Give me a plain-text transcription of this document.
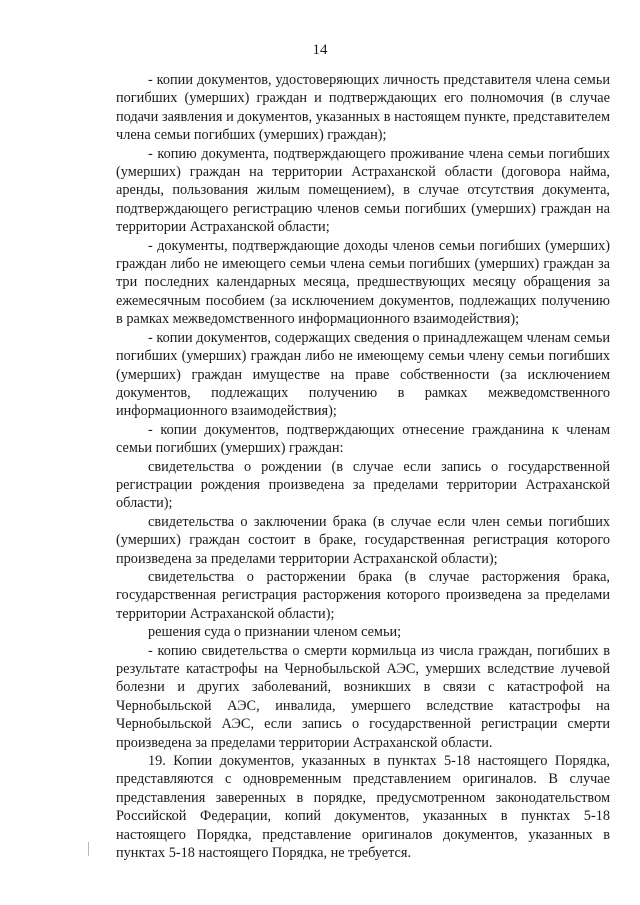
14

- копии документов, удостоверяющих личность представителя члена семьи погибших (умерших) граждан и подтверждающих его полномочия (в случае подачи заявления и документов, указанных в настоящем пункте, представителем члена семьи погибших (умерших) граждан);

- копию документа, подтверждающего проживание члена семьи погибших (умерших) граждан на территории Астраханской области (договора найма, аренды, пользования жилым помещением), в случае отсутствия документа, подтверждающего регистрацию членов семьи погибших (умерших) граждан на территории Астраханской области;

- документы, подтверждающие доходы членов семьи погибших (умерших) граждан либо не имеющего семьи члена семьи погибших (умерших) граждан за три последних календарных месяца, предшествующих месяцу обращения за ежемесячным пособием (за исключением документов, подлежащих получению в рамках межведомственного информационного взаимодействия);

- копии документов, содержащих сведения о принадлежащем членам семьи погибших (умерших) граждан либо не имеющему семьи члену семьи погибших (умерших) граждан имуществе на праве собственности (за исключением документов, подлежащих получению в рамках межведомственного информационного взаимодействия);

- копии документов, подтверждающих отнесение гражданина к членам семьи погибших (умерших) граждан:

свидетельства о рождении (в случае если запись о государственной регистрации рождения произведена за пределами территории Астраханской области);

свидетельства о заключении брака (в случае если член семьи погибших (умерших) граждан состоит в браке, государственная регистрация которого произведена за пределами территории Астраханской области);

свидетельства о расторжении брака (в случае расторжения брака, государственная регистрация расторжения которого произведена за пределами территории Астраханской области);

решения суда о признании членом семьи;

- копию свидетельства о смерти кормильца из числа граждан, погибших в результате катастрофы на Чернобыльской АЭС, умерших вследствие лучевой болезни и других заболеваний, возникших в связи с катастрофой на Чернобыльской АЭС, инвалида, умершего вследствие катастрофы на Чернобыльской АЭС, если запись о государственной регистрации смерти произведена за пределами территории Астраханской области.

19. Копии документов, указанных в пунктах 5-18 настоящего Порядка, представляются с одновременным представлением оригиналов. В случае представления заверенных в порядке, предусмотренном законодательством Российской Федерации, копий документов, указанных в пунктах 5-18 настоящего Порядка, представление оригиналов документов, указанных в пунктах 5-18 настоящего Порядка, не требуется.
